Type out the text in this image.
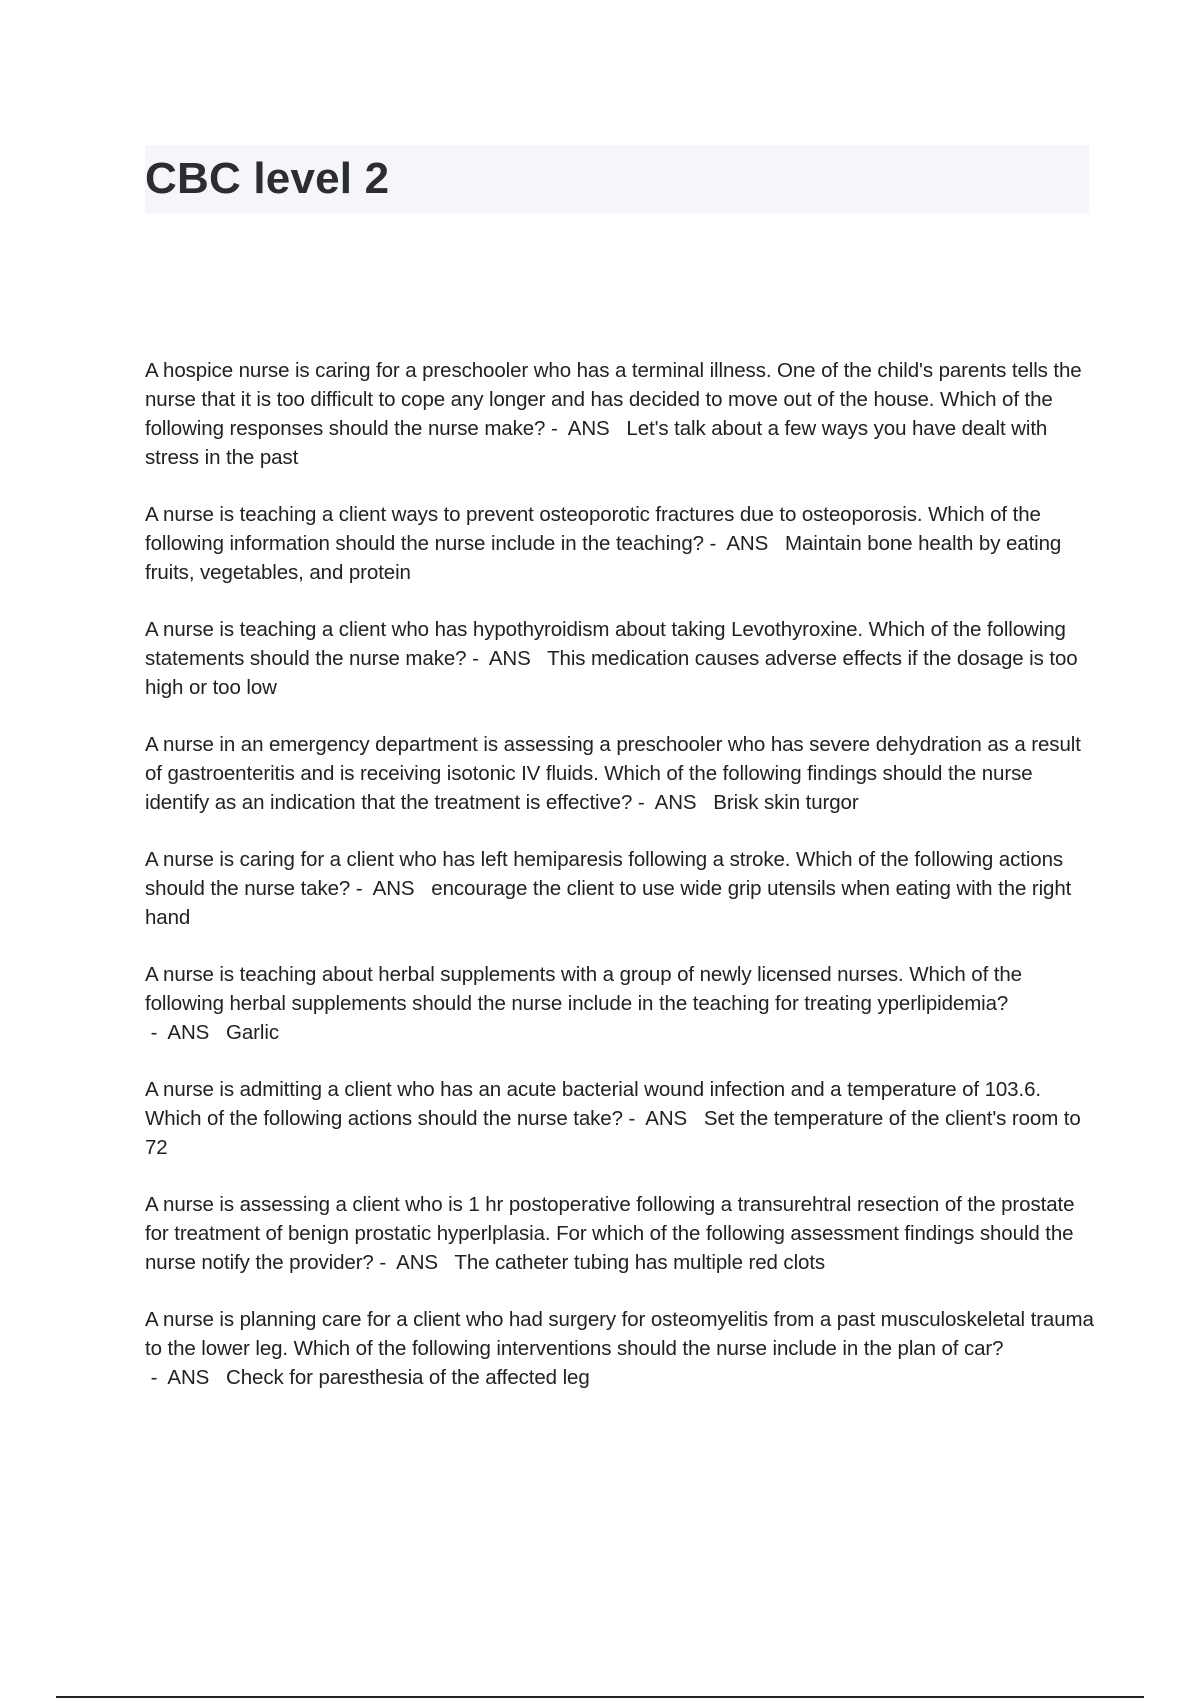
CBC level 2

A hospice nurse is caring for a preschooler who has a terminal illness. One of the child's parents tells the nurse that it is too difficult to cope any longer and has decided to move out of the house. Which of the following responses should the nurse make? -  ANS   Let's talk about a few ways you have dealt with stress in the past

A nurse is teaching a client ways to prevent osteoporotic fractures due to osteoporosis. Which of the following information should the nurse include in the teaching? -  ANS   Maintain bone health by eating fruits, vegetables, and protein

A nurse is teaching a client who has hypothyroidism about taking Levothyroxine. Which of the following statements should the nurse make? -  ANS   This medication causes adverse effects if the dosage is too high or too low

A nurse in an emergency department is assessing a preschooler who has severe dehydration as a result of gastroenteritis and is receiving isotonic IV fluids. Which of the following findings should the nurse identify as an indication that the treatment is effective? -  ANS   Brisk skin turgor

A nurse is caring for a client who has left hemiparesis following a stroke. Which of the following actions should the nurse take? -  ANS   encourage the client to use wide grip utensils when eating with the right hand

A nurse is teaching about herbal supplements with a group of newly licensed nurses. Which of the following herbal supplements should the nurse include in the teaching for treating yperlipidemia? -  ANS   Garlic

A nurse is admitting a client who has an acute bacterial wound infection and a temperature of 103.6. Which of the following actions should the nurse take? -  ANS   Set the temperature of the client's room to 72

A nurse is assessing a client who is 1 hr postoperative following a transurehtral resection of the prostate for treatment of benign prostatic hyperlplasia. For which of the following assessment findings should the nurse notify the provider? -  ANS   The catheter tubing has multiple red clots

A nurse is planning care for a client who had surgery for osteomyelitis from a past musculoskeletal trauma to the lower leg. Which of the following interventions should the nurse include in the plan of car? -  ANS   Check for paresthesia of the affected leg
